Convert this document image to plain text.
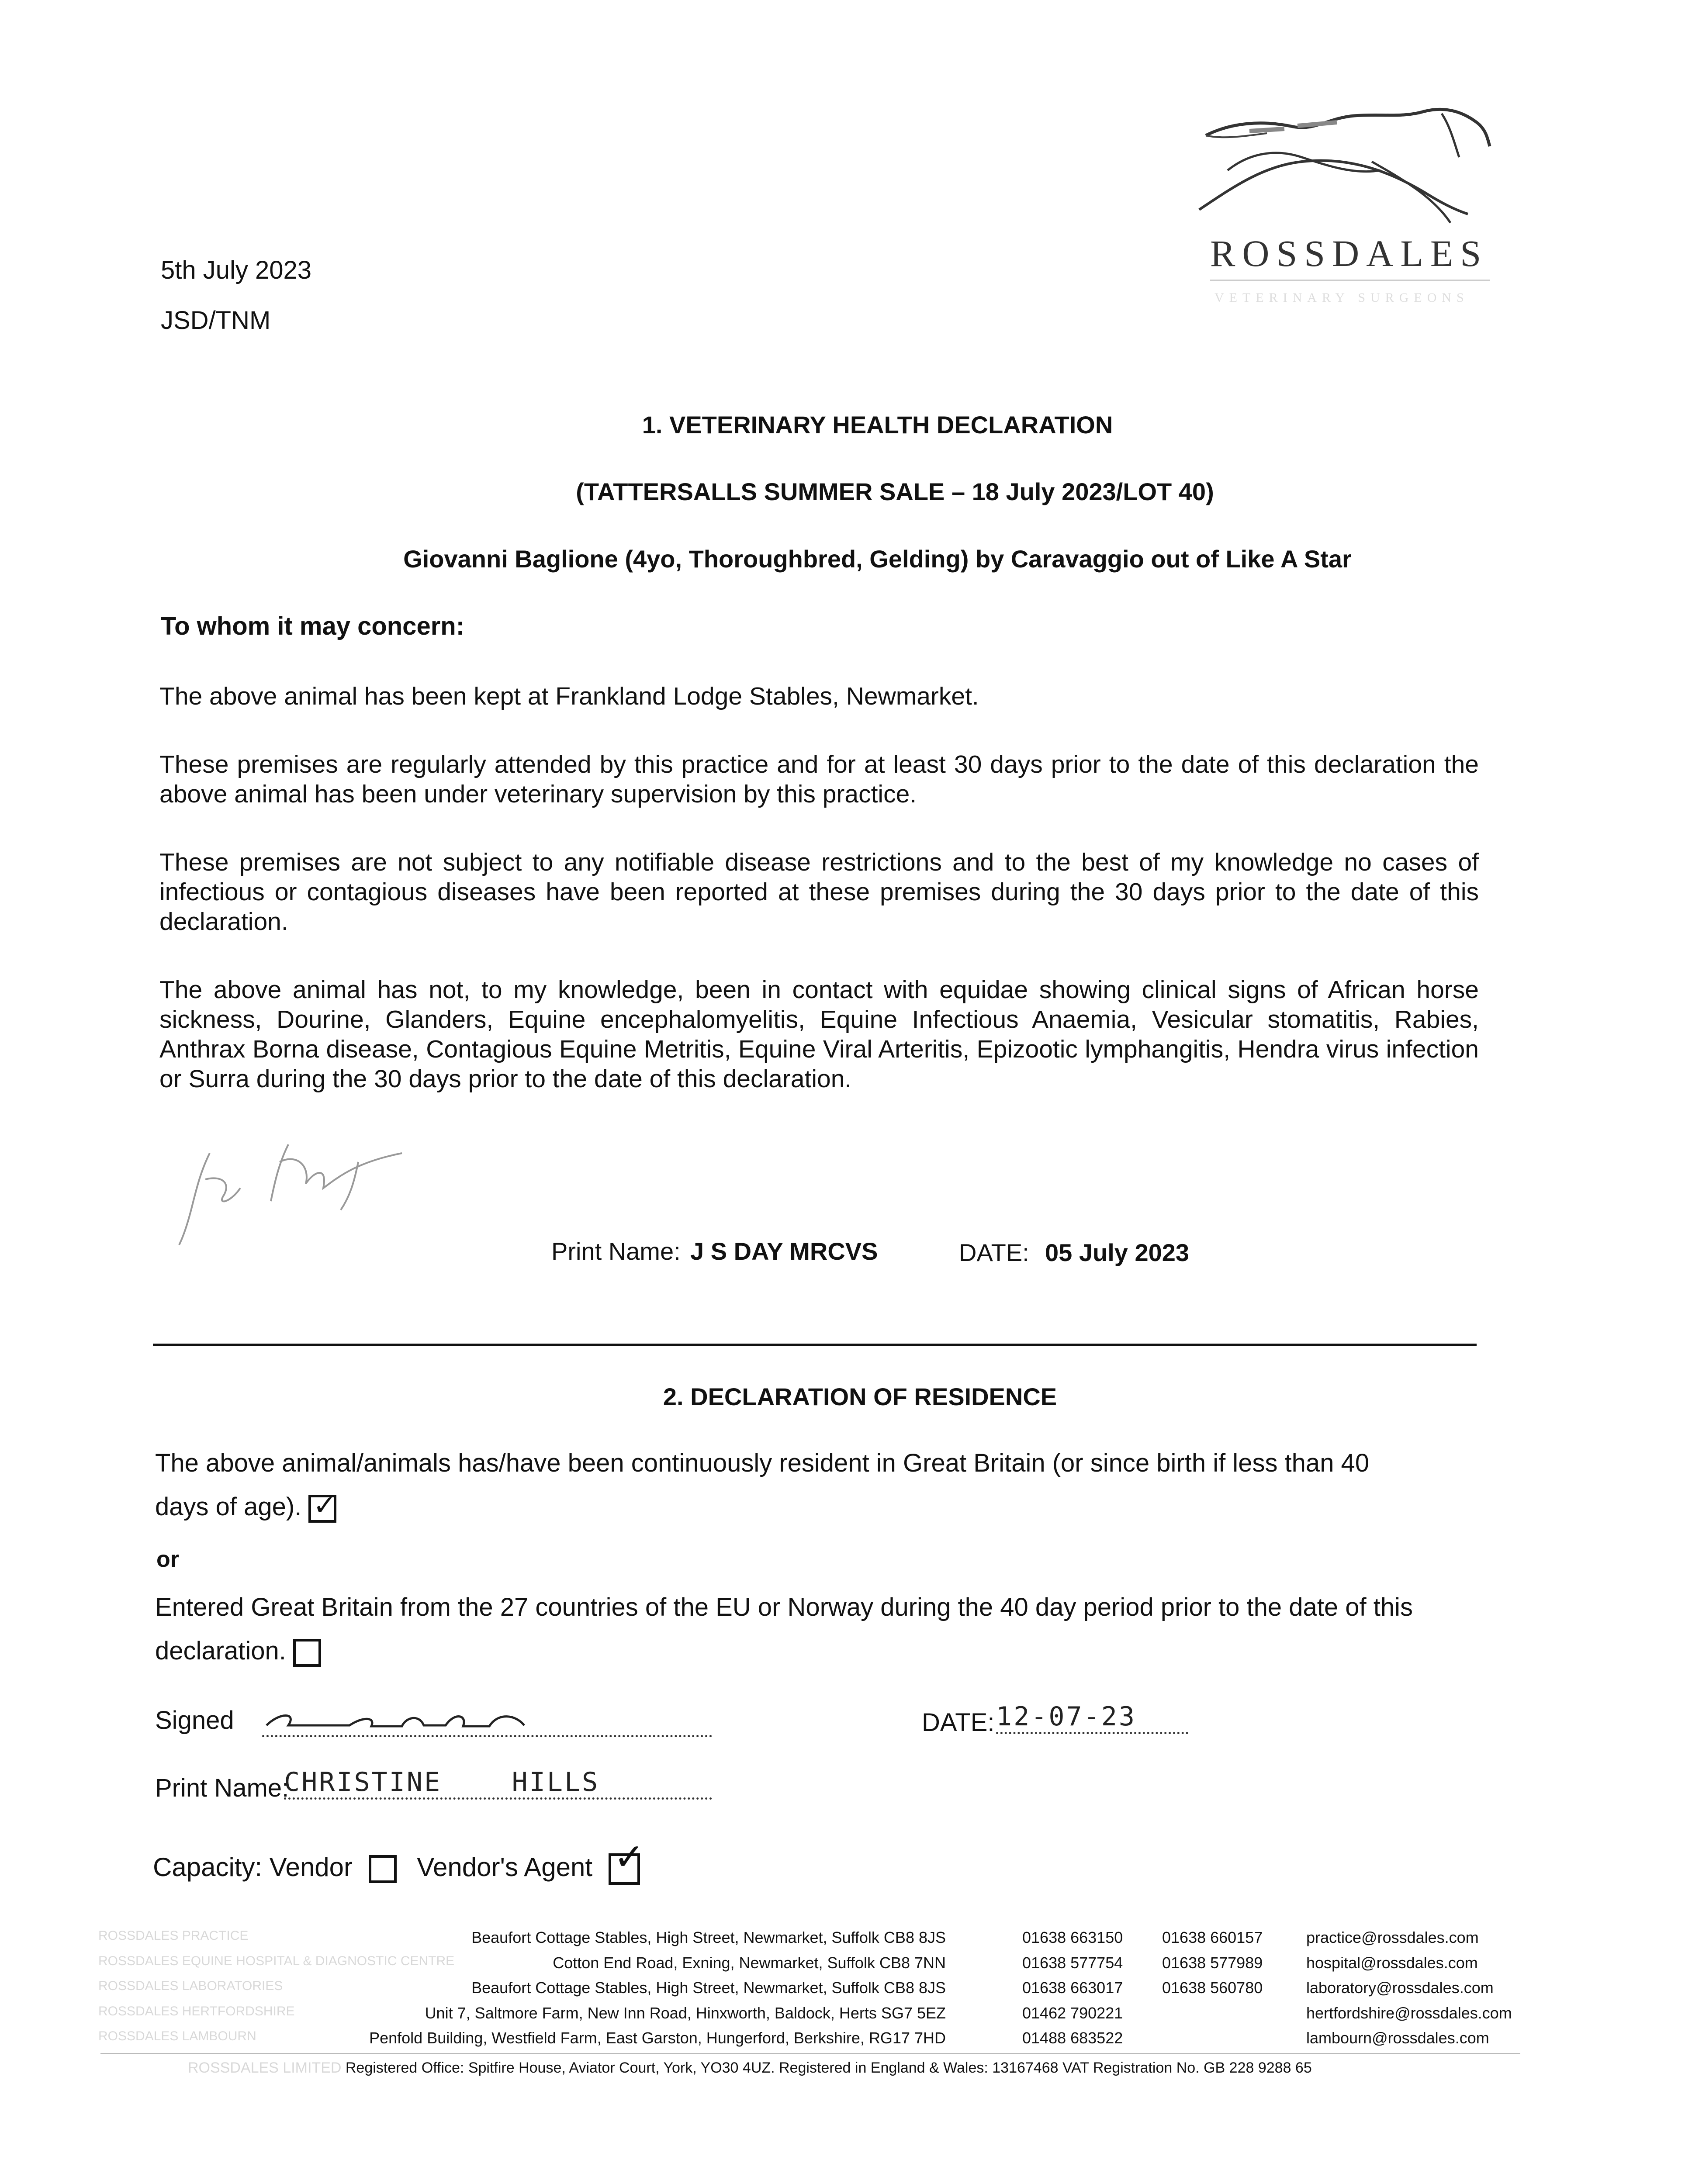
ROSSDALES
VETERINARY SURGEONS
5th July 2023
JSD/TNM
1. VETERINARY HEALTH DECLARATION
(TATTERSALLS SUMMER SALE – 18 July 2023/LOT 40)
Giovanni Baglione (4yo, Thoroughbred, Gelding) by Caravaggio out of Like A Star
To whom it may concern:
The above animal has been kept at Frankland Lodge Stables, Newmarket.
These premises are regularly attended by this practice and for at least 30 days prior to the date of this declaration the above animal has been under veterinary supervision by this practice.
These premises are not subject to any notifiable disease restrictions and to the best of my knowledge no cases of infectious or contagious diseases have been reported at these premises during the 30 days prior to the date of this declaration.
The above animal has not, to my knowledge, been in contact with equidae showing clinical signs of African horse sickness, Dourine, Glanders, Equine encephalomyelitis, Equine Infectious Anaemia, Vesicular stomatitis, Rabies, Anthrax Borna disease, Contagious Equine Metritis, Equine Viral Arteritis, Epizootic lymphangitis, Hendra virus infection or Surra during the 30 days prior to the date of this declaration.
Print Name: J S DAY MRCVS	DATE: 05 July 2023
2. DECLARATION OF RESIDENCE
The above animal/animals has/have been continuously resident in Great Britain (or since birth if less than 40 days of age). ✓
or
Entered Great Britain from the 27 countries of the EU or Norway during the 40 day period prior to the date of this declaration.
Signed	DATE: 12-07-23
Print Name:
CHRISTINE    HILLS
Capacity: Vendor Vendor's Agent ✓
ROSSDALES PRACTICE	Beaufort Cottage Stables, High Street, Newmarket, Suffolk CB8 8JS	01638 663150 01638 660157	practice@rossdales.com
ROSSDALES EQUINE HOSPITAL & DIAGNOSTIC CENTRE	Cotton End Road, Exning, Newmarket, Suffolk CB8 7NN	01638 577754 01638 577989	hospital@rossdales.com
ROSSDALES LABORATORIES	Beaufort Cottage Stables, High Street, Newmarket, Suffolk CB8 8JS	01638 663017 01638 560780	laboratory@rossdales.com
ROSSDALES HERTFORDSHIRE	Unit 7, Saltmore Farm, New Inn Road, Hinxworth, Baldock, Herts SG7 5EZ	01462 790221	hertfordshire@rossdales.com
ROSSDALES LAMBOURN	Penfold Building, Westfield Farm, East Garston, Hungerford, Berkshire, RG17 7HD	01488 683522	lambourn@rossdales.com
ROSSDALES LIMITED Registered Office: Spitfire House, Aviator Court, York, YO30 4UZ. Registered in England & Wales: 13167468 VAT Registration No. GB 228 9288 65
